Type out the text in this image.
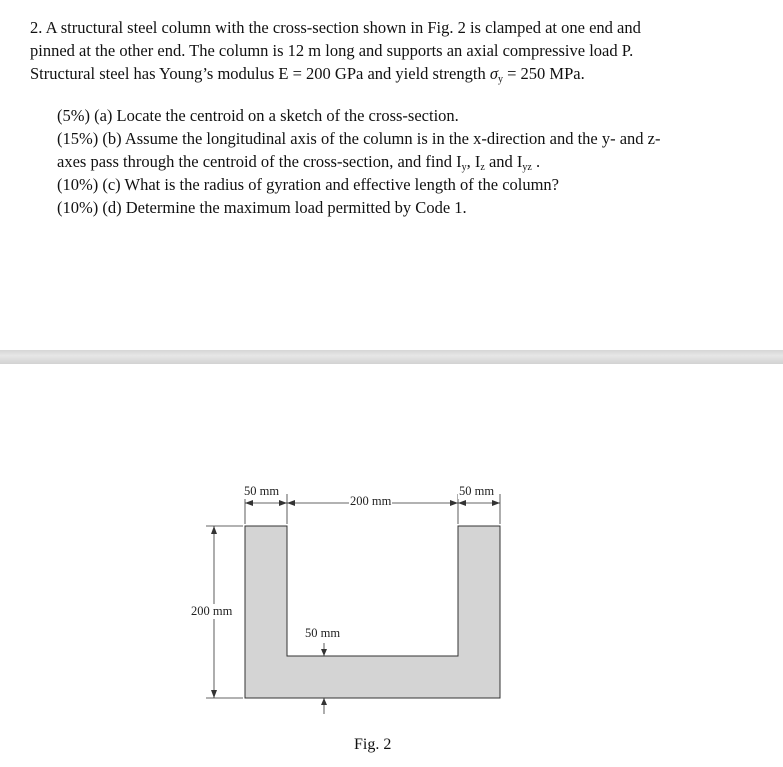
2. A structural steel column with the cross-section shown in Fig. 2 is clamped at one end and

pinned at the other end. The column is 12 m long and supports an axial compressive load P.

Structural steel has Young’s modulus E = 200 GPa and yield strength $\sigma_y = 250$ MPa.

(5%) (a) Locate the centroid on a sketch of the cross-section.

(15%) (b) Assume the longitudinal axis of the column is in the x-direction and the y- and z-

axes pass through the centroid of the cross-section, and find $I_y$, $I_z$ and $I_{yz}$ .

(10%) (c) What is the radius of gyration and effective length of the column?

(10%) (d) Determine the maximum load permitted by Code 1.

50 mm
200 mm
50 mm
200 mm
50 mm
Fig. 2
